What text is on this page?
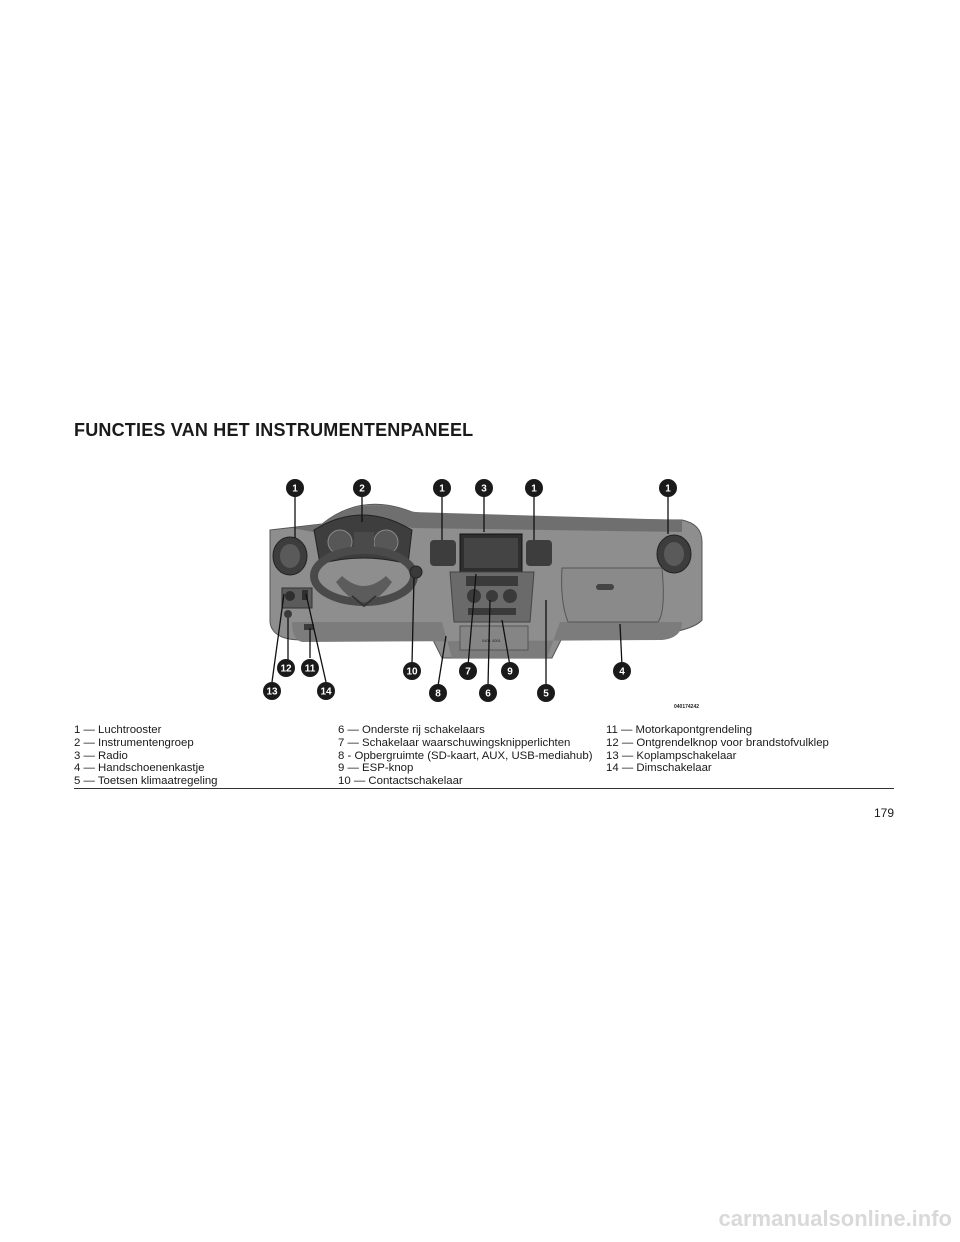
FUNCTIES VAN HET INSTRUMENTENPANEEL
0401 4001
1	2	1	3	1	1
12 11
13	14
10	7	9
8	6	5
4
040174242
1 — Luchtrooster
2 — Instrumentengroep
3 — Radio
4 — Handschoenenkastje
5 — Toetsen klimaatregeling
6 — Onderste rij schakelaars
7 — Schakelaar waarschuwingsknipperlichten
8 - Opbergruimte (SD-kaart, AUX, USB-mediahub)
9 — ESP-knop
10 — Contactschakelaar
11 — Motorkapontgrendeling
12 — Ontgrendelknop voor brandstofvulklep
13 — Koplampschakelaar
14 — Dimschakelaar
179
carmanualsonline.info
